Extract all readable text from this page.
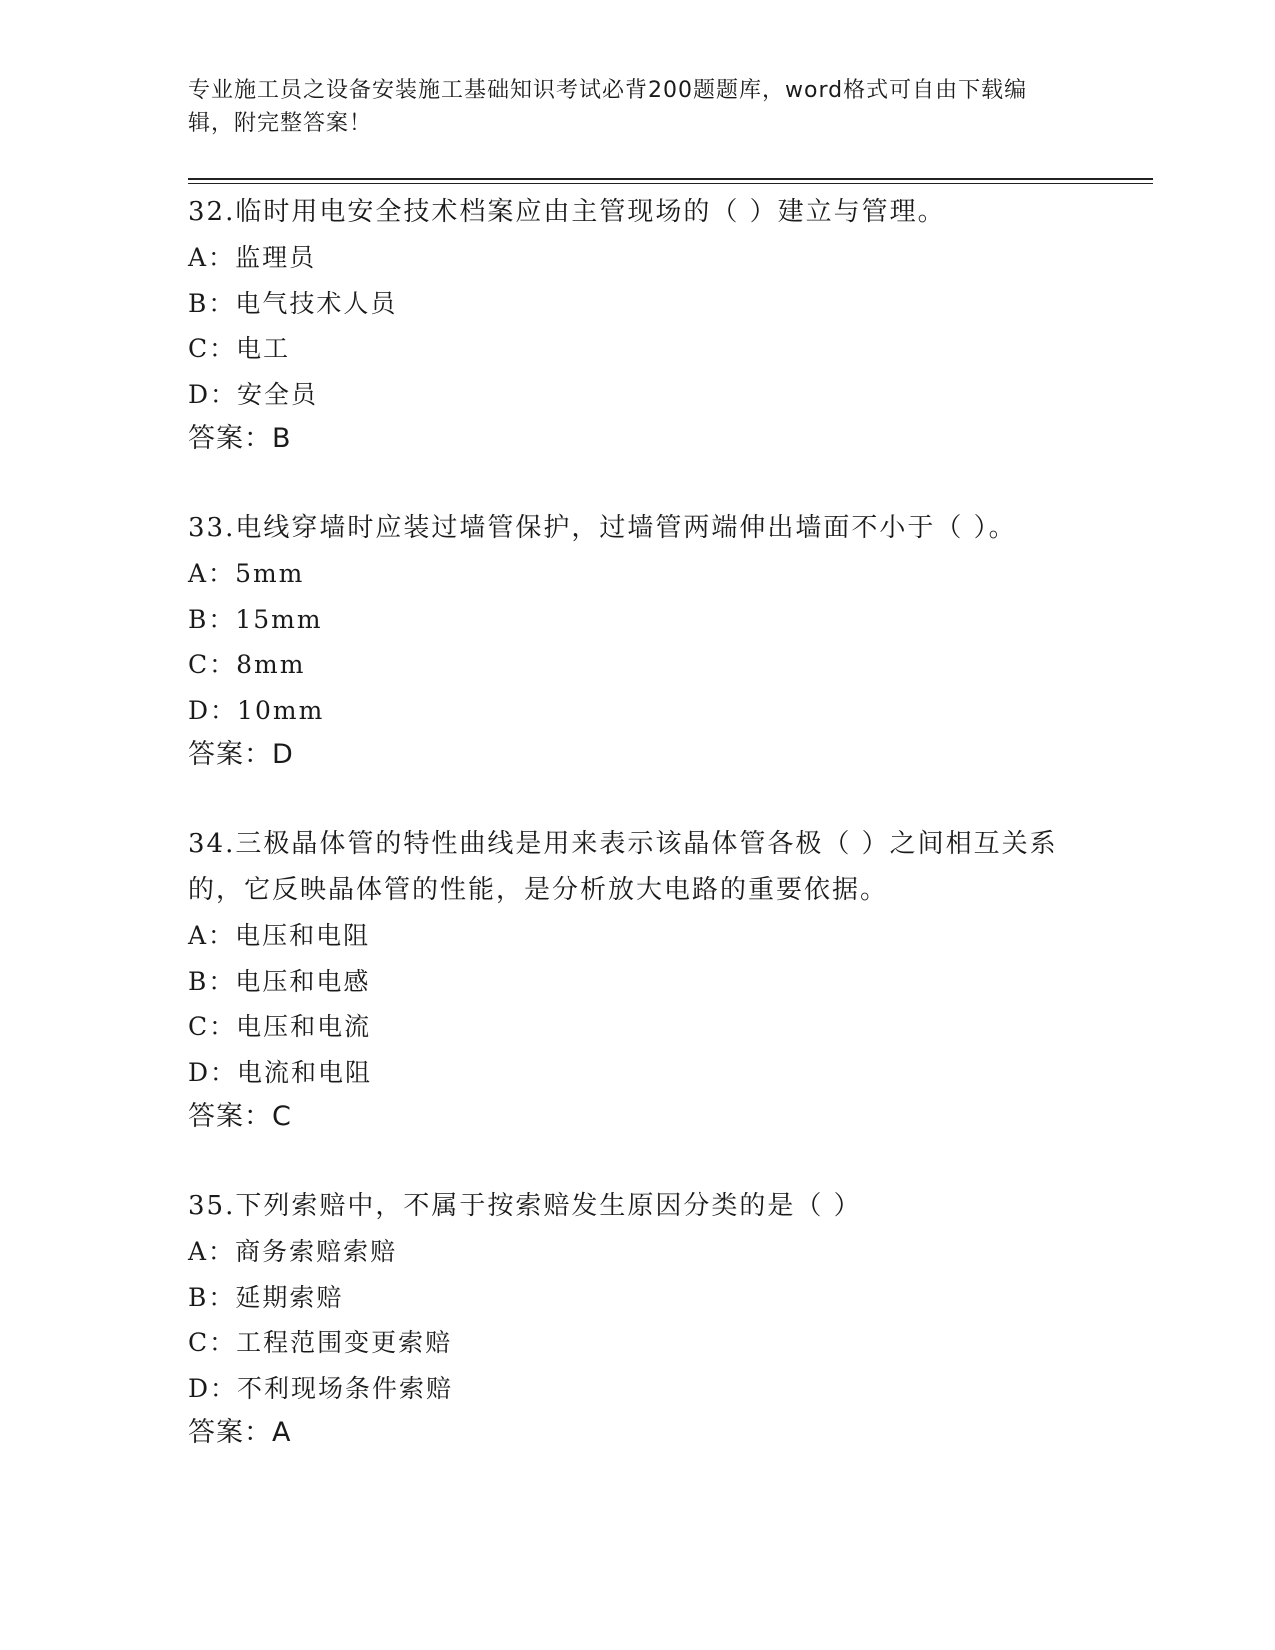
专业施工员之设备安装施工基础知识考试必背200题题库，word格式可自由下载编辑，附完整答案！

32.临时用电安全技术档案应由主管现场的（ ）建立与管理。

A：监理员
B：电气技术人员
C：电工
D：安全员
答案：B

33.电线穿墙时应装过墙管保护，过墙管两端伸出墙面不小于（ ）。

A：5mm
B：15mm
C：8mm
D：10mm
答案：D

34.三极晶体管的特性曲线是用来表示该晶体管各极（ ）之间相互关系的，它反映晶体管的性能，是分析放大电路的重要依据。

A：电压和电阻
B：电压和电感
C：电压和电流
D：电流和电阻
答案：C

35.下列索赔中，不属于按索赔发生原因分类的是（ ）

A：商务索赔索赔
B：延期索赔
C：工程范围变更索赔
D：不利现场条件索赔
答案：A
